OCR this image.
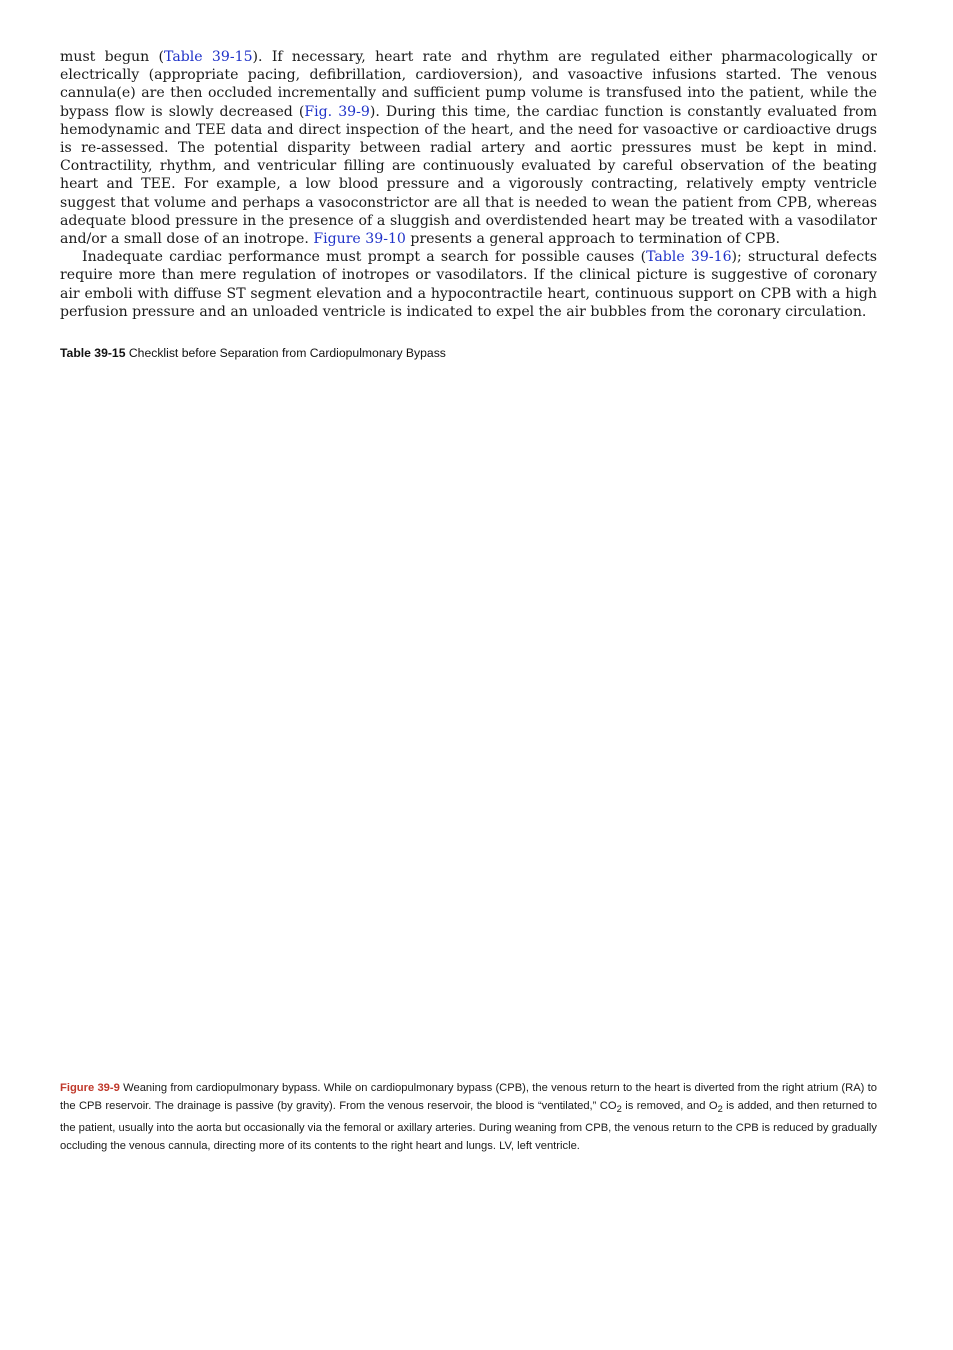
must begun (Table 39-15). If necessary, heart rate and rhythm are regulated either pharmacologically or electrically (appropriate pacing, defibrillation, cardioversion), and vasoactive infusions started. The venous cannula(e) are then occluded incrementally and sufficient pump volume is transfused into the patient, while the bypass flow is slowly decreased (Fig. 39-9). During this time, the cardiac function is constantly evaluated from hemodynamic and TEE data and direct inspection of the heart, and the need for vasoactive or cardioactive drugs is re-assessed. The potential disparity between radial artery and aortic pressures must be kept in mind. Contractility, rhythm, and ventricular filling are continuously evaluated by careful observation of the beating heart and TEE. For example, a low blood pressure and a vigorously contracting, relatively empty ventricle suggest that volume and perhaps a vasoconstrictor are all that is needed to wean the patient from CPB, whereas adequate blood pressure in the presence of a sluggish and overdistended heart may be treated with a vasodilator and/or a small dose of an inotrope. Figure 39-10 presents a general approach to termination of CPB.

Inadequate cardiac performance must prompt a search for possible causes (Table 39-16); structural defects require more than mere regulation of inotropes or vasodilators. If the clinical picture is suggestive of coronary air emboli with diffuse ST segment elevation and a hypocontractile heart, continuous support on CPB with a high perfusion pressure and an unloaded ventricle is indicated to expel the air bubbles from the coronary circulation.

Table 39-15 Checklist before Separation from Cardiopulmonary Bypass

Figure 39-9 Weaning from cardiopulmonary bypass. While on cardiopulmonary bypass (CPB), the venous return to the heart is diverted from the right atrium (RA) to the CPB reservoir. The drainage is passive (by gravity). From the venous reservoir, the blood is “ventilated,” $CO_2$ is removed, and $O_2$ is added, and then returned to the patient, usually into the aorta but occasionally via the femoral or axillary arteries. During weaning from CPB, the venous return to the CPB is reduced by gradually occluding the venous cannula, directing more of its contents to the right heart and lungs. LV, left ventricle.
